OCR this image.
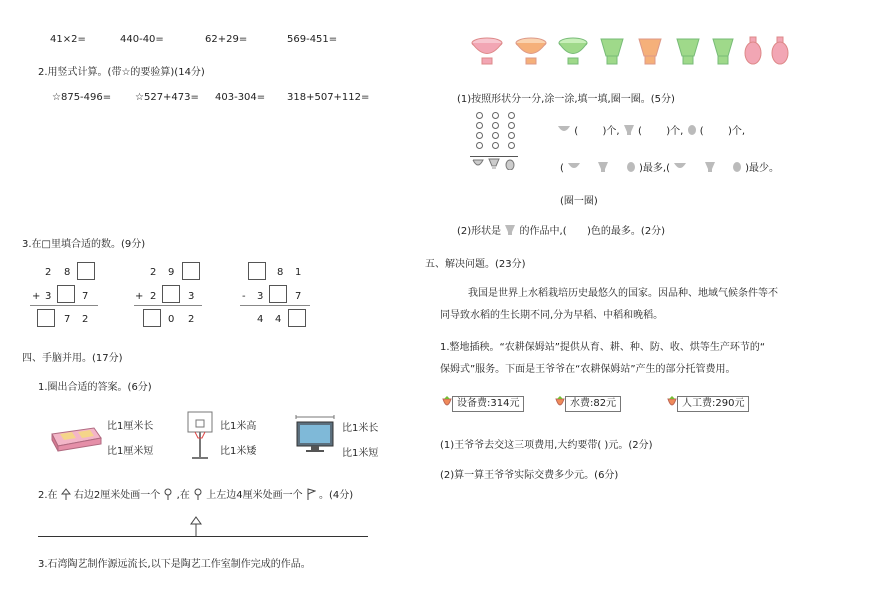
41×2=	440-40=	62+29=	569-451=
2.用竖式计算。(带☆的要验算)(14分)
☆875-496= ☆527+473= 403-304= 318+507+112=
3.在□里填合适的数。(9分)
2 8
+ 3	7
7 2
2 9
+ 2	3
0 2
8 1
- 3	7
4 4
四、手脑并用。(17分)
1.圈出合适的答案。(6分)
比1厘米长
比1厘米短
比1米高
比1米矮
比1米长
比1米短
2.在 右边2厘米处画一个 ,在 上左边4厘米处画一个 。(4分)
3.石湾陶艺制作源远流长,以下是陶艺工作室制作完成的作品。
(1)按照形状分一分,涂一涂,填一填,圈一圈。(5分)
( )个, ( )个, ( )个,
(	)最多,(	)最少。
(圈一圈)
(2)形状是 的作品中,( )色的最多。(2分)
五、解决问题。(23分)
我国是世界上水稻栽培历史最悠久的国家。因品种、地域气候条件等不
同导致水稻的生长期不同,分为早稻、中稻和晚稻。
1.整地插秧。“农耕保姆站”提供从育、耕、种、防、收、烘等生产环节的“
保姆式”服务。下面是王爷爷在“农耕保姆站”产生的部分托管费用。
设备费:314元	水费:82元	人工费:290元
(1)王爷爷去交这三项费用,大约要带( )元。(2分)
(2)算一算王爷爷实际交费多少元。(6分)
